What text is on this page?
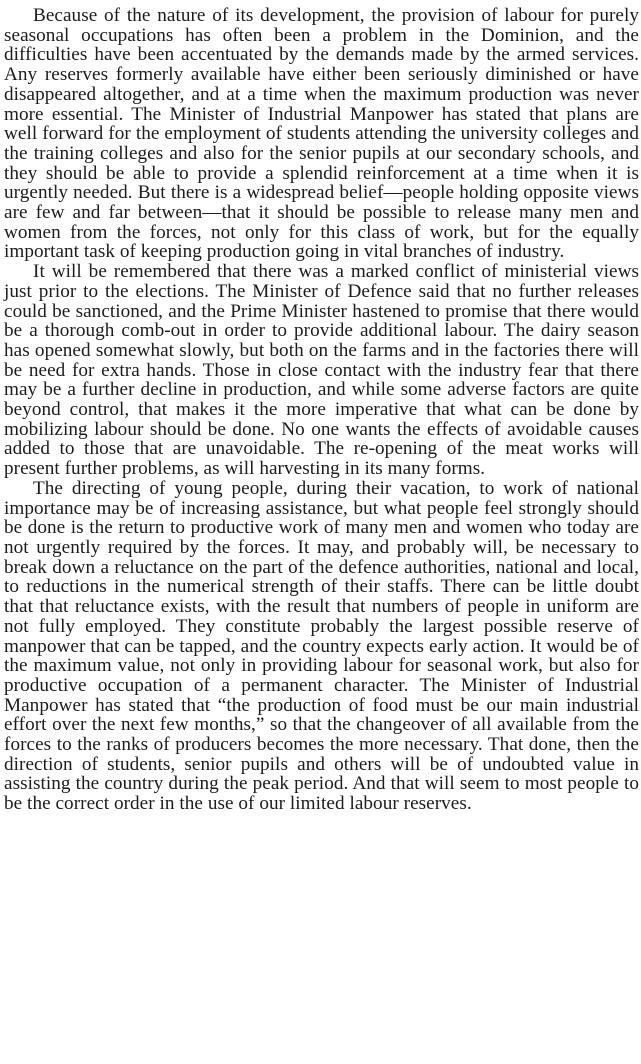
Because of the nature of its development, the provision of labour for purely seasonal occupations has often been a problem in the Dominion, and the difficulties have been accentuated by the demands made by the armed services. Any reserves formerly available have either been seriously diminished or have disappeared altogether, and at a time when the maximum production was never more essential. The Minister of Industrial Manpower has stated that plans are well forward for the employment of students attending the university colleges and the training colleges and also for the senior pupils at our secondary schools, and they should be able to provide a splendid reinforcement at a time when it is urgently needed. But there is a widespread belief—people holding opposite views are few and far between—that it should be possible to release many men and women from the forces, not only for this class of work, but for the equally important task of keeping production going in vital branches of industry.

It will be remembered that there was a marked conflict of ministerial views just prior to the elections. The Minister of Defence said that no further releases could be sanctioned, and the Prime Minister hastened to promise that there would be a thorough comb-out in order to provide additional labour. The dairy season has opened somewhat slowly, but both on the farms and in the factories there will be need for extra hands. Those in close contact with the industry fear that there may be a further decline in production, and while some adverse factors are quite beyond control, that makes it the more imperative that what can be done by mobilizing labour should be done. No one wants the effects of avoidable causes added to those that are unavoidable. The re-opening of the meat works will present further problems, as will harvesting in its many forms.

The directing of young people, during their vacation, to work of national importance may be of increasing assistance, but what people feel strongly should be done is the return to productive work of many men and women who today are not urgently required by the forces. It may, and probably will, be necessary to break down a reluctance on the part of the defence authorities, national and local, to reductions in the numerical strength of their staffs. There can be little doubt that that reluctance exists, with the result that numbers of people in uniform are not fully employed. They constitute probably the largest possible reserve of manpower that can be tapped, and the country expects early action. It would be of the maximum value, not only in providing labour for seasonal work, but also for productive occupation of a permanent character. The Minister of Industrial Manpower has stated that “the production of food must be our main industrial effort over the next few months,” so that the changeover of all available from the forces to the ranks of producers becomes the more necessary. That done, then the direction of students, senior pupils and others will be of undoubted value in assisting the country during the peak period. And that will seem to most people to be the correct order in the use of our limited labour reserves.
